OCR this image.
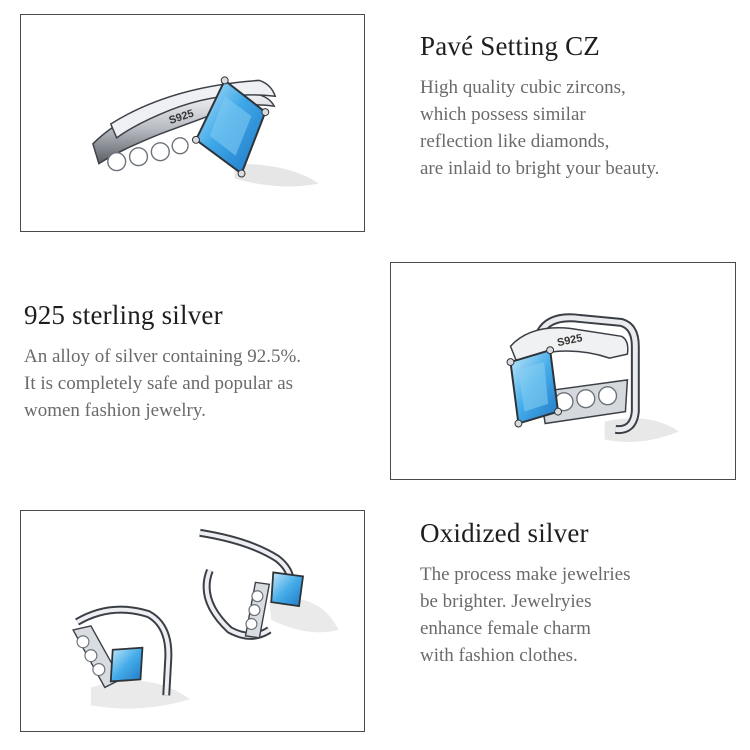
S925
Pavé Setting CZ
High quality cubic zircons,
which possess similar
reflection like diamonds,
are inlaid to bright your beauty.
925 sterling silver
An alloy of silver containing 92.5%.
It is completely safe and popular as
women fashion jewelry.
S925
Oxidized silver
The process make jewelries
be brighter. Jewelryies
enhance female charm
with fashion clothes.
